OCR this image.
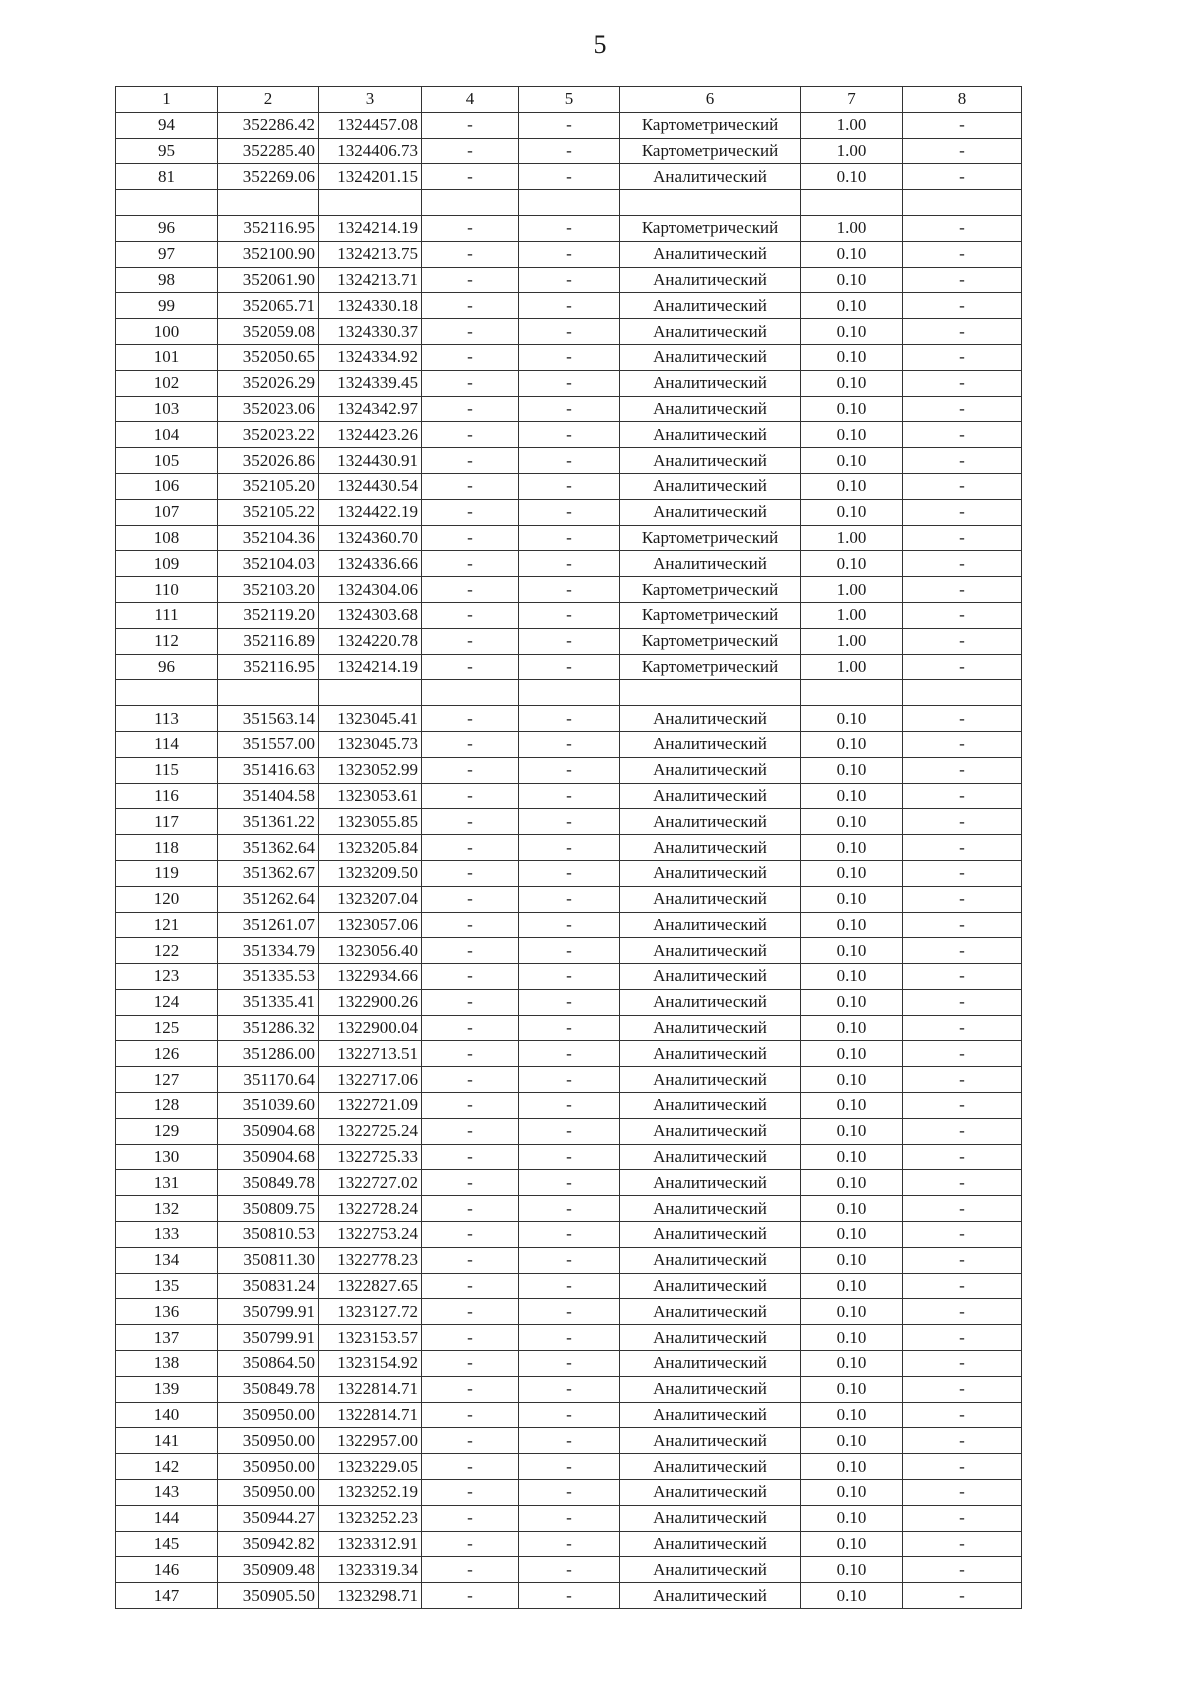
5
1	2	3	4	5	6	7	8
94	352286.42	1324457.08	-	-	Картометрический	1.00	-
95	352285.40	1324406.73	-	-	Картометрический	1.00	-
81	352269.06	1324201.15	-	-	Аналитический	0.10	-

96	352116.95	1324214.19	-	-	Картометрический	1.00	-
97	352100.90	1324213.75	-	-	Аналитический	0.10	-
98	352061.90	1324213.71	-	-	Аналитический	0.10	-
99	352065.71	1324330.18	-	-	Аналитический	0.10	-
100	352059.08	1324330.37	-	-	Аналитический	0.10	-
101	352050.65	1324334.92	-	-	Аналитический	0.10	-
102	352026.29	1324339.45	-	-	Аналитический	0.10	-
103	352023.06	1324342.97	-	-	Аналитический	0.10	-
104	352023.22	1324423.26	-	-	Аналитический	0.10	-
105	352026.86	1324430.91	-	-	Аналитический	0.10	-
106	352105.20	1324430.54	-	-	Аналитический	0.10	-
107	352105.22	1324422.19	-	-	Аналитический	0.10	-
108	352104.36	1324360.70	-	-	Картометрический	1.00	-
109	352104.03	1324336.66	-	-	Аналитический	0.10	-
110	352103.20	1324304.06	-	-	Картометрический	1.00	-
111	352119.20	1324303.68	-	-	Картометрический	1.00	-
112	352116.89	1324220.78	-	-	Картометрический	1.00	-
96	352116.95	1324214.19	-	-	Картометрический	1.00	-

113	351563.14	1323045.41	-	-	Аналитический	0.10	-
114	351557.00	1323045.73	-	-	Аналитический	0.10	-
115	351416.63	1323052.99	-	-	Аналитический	0.10	-
116	351404.58	1323053.61	-	-	Аналитический	0.10	-
117	351361.22	1323055.85	-	-	Аналитический	0.10	-
118	351362.64	1323205.84	-	-	Аналитический	0.10	-
119	351362.67	1323209.50	-	-	Аналитический	0.10	-
120	351262.64	1323207.04	-	-	Аналитический	0.10	-
121	351261.07	1323057.06	-	-	Аналитический	0.10	-
122	351334.79	1323056.40	-	-	Аналитический	0.10	-
123	351335.53	1322934.66	-	-	Аналитический	0.10	-
124	351335.41	1322900.26	-	-	Аналитический	0.10	-
125	351286.32	1322900.04	-	-	Аналитический	0.10	-
126	351286.00	1322713.51	-	-	Аналитический	0.10	-
127	351170.64	1322717.06	-	-	Аналитический	0.10	-
128	351039.60	1322721.09	-	-	Аналитический	0.10	-
129	350904.68	1322725.24	-	-	Аналитический	0.10	-
130	350904.68	1322725.33	-	-	Аналитический	0.10	-
131	350849.78	1322727.02	-	-	Аналитический	0.10	-
132	350809.75	1322728.24	-	-	Аналитический	0.10	-
133	350810.53	1322753.24	-	-	Аналитический	0.10	-
134	350811.30	1322778.23	-	-	Аналитический	0.10	-
135	350831.24	1322827.65	-	-	Аналитический	0.10	-
136	350799.91	1323127.72	-	-	Аналитический	0.10	-
137	350799.91	1323153.57	-	-	Аналитический	0.10	-
138	350864.50	1323154.92	-	-	Аналитический	0.10	-
139	350849.78	1322814.71	-	-	Аналитический	0.10	-
140	350950.00	1322814.71	-	-	Аналитический	0.10	-
141	350950.00	1322957.00	-	-	Аналитический	0.10	-
142	350950.00	1323229.05	-	-	Аналитический	0.10	-
143	350950.00	1323252.19	-	-	Аналитический	0.10	-
144	350944.27	1323252.23	-	-	Аналитический	0.10	-
145	350942.82	1323312.91	-	-	Аналитический	0.10	-
146	350909.48	1323319.34	-	-	Аналитический	0.10	-
147	350905.50	1323298.71	-	-	Аналитический	0.10	-
